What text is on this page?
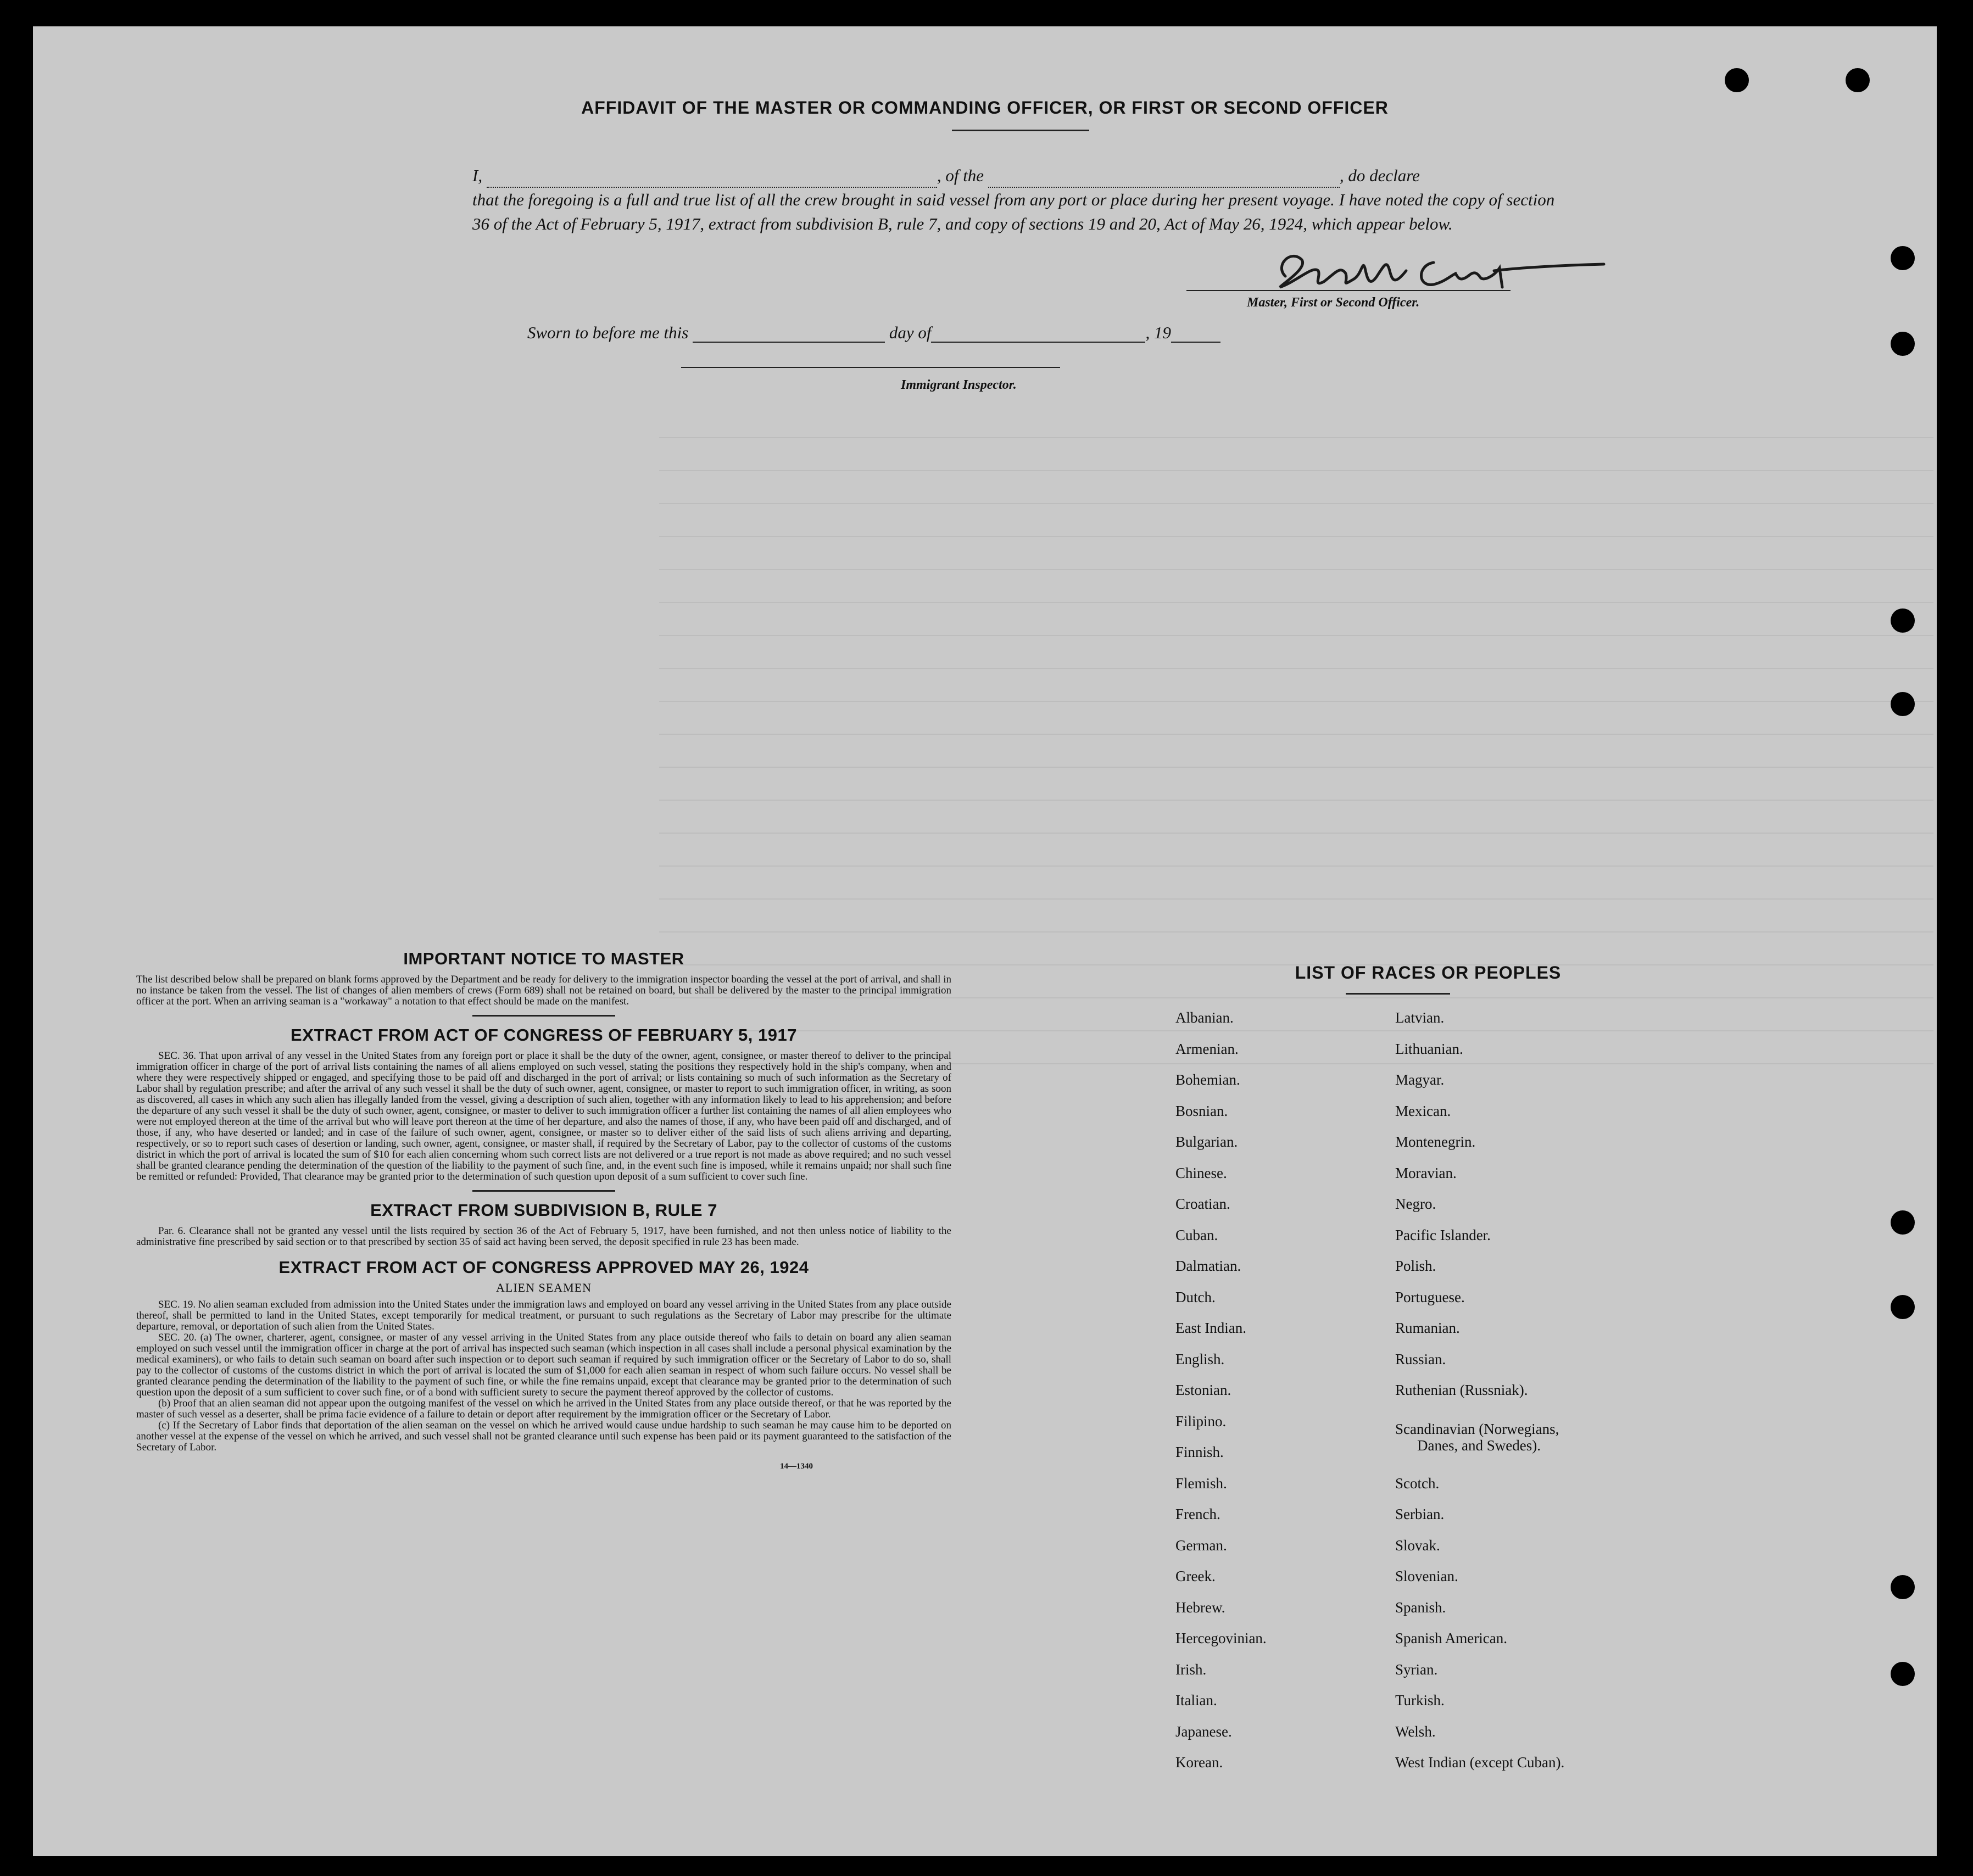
AFFIDAVIT OF THE MASTER OR COMMANDING OFFICER, OR FIRST OR SECOND OFFICER
I,	, of the	, do declare
that the foregoing is a full and true list of all the crew brought in said vessel from any port or place during her present voyage. I have noted the copy of section 36 of the Act of February 5, 1917, extract from subdivision B, rule 7, and copy of sections 19 and 20, Act of May 26, 1924, which appear below.
Master, First or Second Officer.
Sworn to before me this	day of	, 19
Immigrant Inspector.
IMPORTANT NOTICE TO MASTER
The list described below shall be prepared on blank forms approved by the Department and be ready for delivery to the immigration inspector boarding the vessel at the port of arrival, and shall in no instance be taken from the vessel. The list of changes of alien members of crews (Form 689) shall not be retained on board, but shall be delivered by the master to the principal immigration officer at the port. When an arriving seaman is a "workaway" a notation to that effect should be made on the manifest.
EXTRACT FROM ACT OF CONGRESS OF FEBRUARY 5, 1917
SEC. 36. That upon arrival of any vessel in the United States from any foreign port or place it shall be the duty of the owner, agent, consignee, or master thereof to deliver to the principal immigration officer in charge of the port of arrival lists containing the names of all aliens employed on such vessel, stating the positions they respectively hold in the ship's company, when and where they were respectively shipped or engaged, and specifying those to be paid off and discharged in the port of arrival; or lists containing so much of such information as the Secretary of Labor shall by regulation prescribe; and after the arrival of any such vessel it shall be the duty of such owner, agent, consignee, or master to report to such immigration officer, in writing, as soon as discovered, all cases in which any such alien has illegally landed from the vessel, giving a description of such alien, together with any information likely to lead to his apprehension; and before the departure of any such vessel it shall be the duty of such owner, agent, consignee, or master to deliver to such immigration officer a further list containing the names of all alien employees who were not employed thereon at the time of the arrival but who will leave port thereon at the time of her departure, and also the names of those, if any, who have been paid off and discharged, and of those, if any, who have deserted or landed; and in case of the failure of such owner, agent, consignee, or master so to deliver either of the said lists of such aliens arriving and departing, respectively, or so to report such cases of desertion or landing, such owner, agent, consignee, or master shall, if required by the Secretary of Labor, pay to the collector of customs of the customs district in which the port of arrival is located the sum of $10 for each alien concerning whom such correct lists are not delivered or a true report is not made as above required; and no such vessel shall be granted clearance pending the determination of the question of the liability to the payment of such fine, and, in the event such fine is imposed, while it remains unpaid; nor shall such fine be remitted or refunded: Provided, That clearance may be granted prior to the determination of such question upon deposit of a sum sufficient to cover such fine.
EXTRACT FROM SUBDIVISION B, RULE 7
Par. 6. Clearance shall not be granted any vessel until the lists required by section 36 of the Act of February 5, 1917, have been furnished, and not then unless notice of liability to the administrative fine prescribed by said section or to that prescribed by section 35 of said act having been served, the deposit specified in rule 23 has been made.
EXTRACT FROM ACT OF CONGRESS APPROVED MAY 26, 1924
ALIEN SEAMEN
SEC. 19. No alien seaman excluded from admission into the United States under the immigration laws and employed on board any vessel arriving in the United States from any place outside thereof, shall be permitted to land in the United States, except temporarily for medical treatment, or pursuant to such regulations as the Secretary of Labor may prescribe for the ultimate departure, removal, or deportation of such alien from the United States.
SEC. 20. (a) The owner, charterer, agent, consignee, or master of any vessel arriving in the United States from any place outside thereof who fails to detain on board any alien seaman employed on such vessel until the immigration officer in charge at the port of arrival has inspected such seaman (which inspection in all cases shall include a personal physical examination by the medical examiners), or who fails to detain such seaman on board after such inspection or to deport such seaman if required by such immigration officer or the Secretary of Labor to do so, shall pay to the collector of customs of the customs district in which the port of arrival is located the sum of $1,000 for each alien seaman in respect of whom such failure occurs. No vessel shall be granted clearance pending the determination of the liability to the payment of such fine, or while the fine remains unpaid, except that clearance may be granted prior to the determination of such question upon the deposit of a sum sufficient to cover such fine, or of a bond with sufficient surety to secure the payment thereof approved by the collector of customs.
(b) Proof that an alien seaman did not appear upon the outgoing manifest of the vessel on which he arrived in the United States from any place outside thereof, or that he was reported by the master of such vessel as a deserter, shall be prima facie evidence of a failure to detain or deport after requirement by the immigration officer or the Secretary of Labor.
(c) If the Secretary of Labor finds that deportation of the alien seaman on the vessel on which he arrived would cause undue hardship to such seaman he may cause him to be deported on another vessel at the expense of the vessel on which he arrived, and such vessel shall not be granted clearance until such expense has been paid or its payment guaranteed to the satisfaction of the Secretary of Labor.
14—1340
LIST OF RACES OR PEOPLES
Albanian.
Armenian.
Bohemian.
Bosnian.
Bulgarian.
Chinese.
Croatian.
Cuban.
Dalmatian.
Dutch.
East Indian.
English.
Estonian.
Filipino.
Finnish.
Flemish.
French.
German.
Greek.
Hebrew.
Hercegovinian.
Irish.
Italian.
Japanese.
Korean.
Latvian.
Lithuanian.
Magyar.
Mexican.
Montenegrin.
Moravian.
Negro.
Pacific Islander.
Polish.
Portuguese.
Rumanian.
Russian.
Ruthenian (Russniak).
Scandinavian (Norwegians,
Danes, and Swedes).
Scotch.
Serbian.
Slovak.
Slovenian.
Spanish.
Spanish American.
Syrian.
Turkish.
Welsh.
West Indian (except Cuban).
